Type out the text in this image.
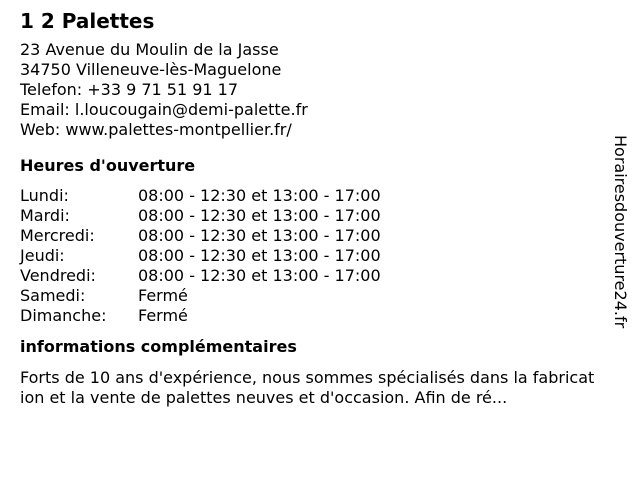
1 2 Palettes
23 Avenue du Moulin de la Jasse
34750 Villeneuve-lès-Maguelone
Telefon: +33 9 71 51 91 17
Email: l.loucougain@demi-palette.fr
Web: www.palettes-montpellier.fr/
Heures d'ouverture
Lundi:	08:00 - 12:30 et 13:00 - 17:00
Mardi:	08:00 - 12:30 et 13:00 - 17:00
Mercredi:	08:00 - 12:30 et 13:00 - 17:00
Jeudi:	08:00 - 12:30 et 13:00 - 17:00
Vendredi:	08:00 - 12:30 et 13:00 - 17:00
Samedi:	Fermé
Dimanche:	Fermé
informations complémentaires
Forts de 10 ans d'expérience, nous sommes spécialisés dans la fabrication et la vente de palettes neuves et d'occasion. Afin de ré...
Horairesdouverture24.fr
